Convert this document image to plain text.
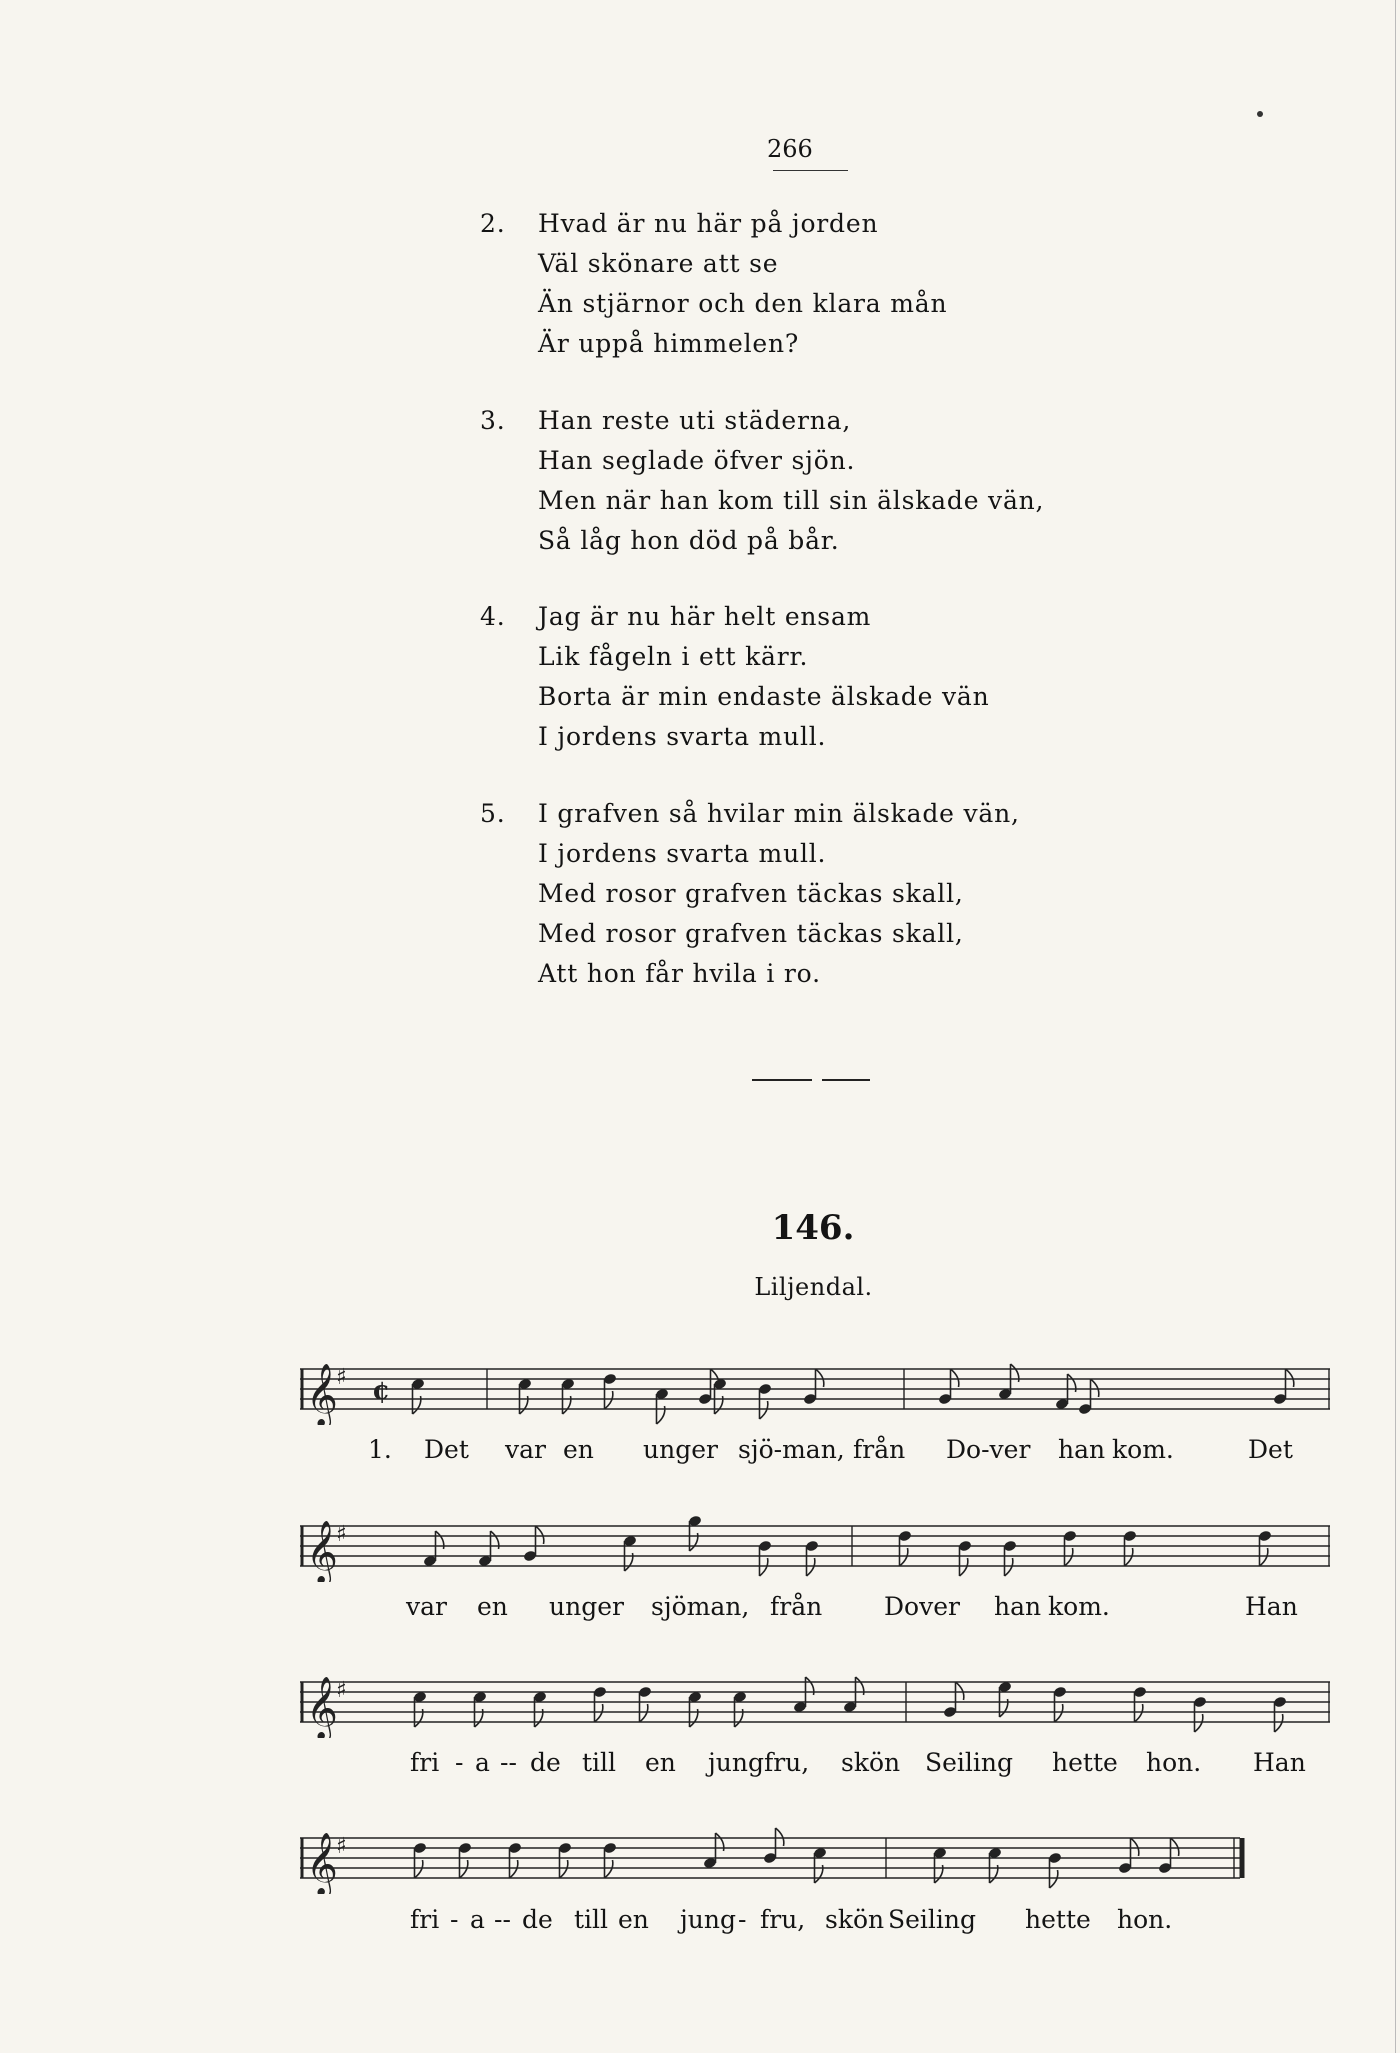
266
2. Hvad är nu här på jorden
Väl skönare att se
Än stjärnor och den klara mån
Är uppå himmelen?
3. Han reste uti städerna,
Han seglade öfver sjön.
Men när han kom till sin älskade vän,
Så låg hon död på bår.
4. Jag är nu här helt ensam
Lik fågeln i ett kärr.
Borta är min endaste älskade vän
I jordens svarta mull.
5. I grafven så hvilar min älskade vän,
I jordens svarta mull.
Med rosor grafven täckas skall,
Med rosor grafven täckas skall,
Att hon får hvila i ro.
146.
Liljendal.
𝄞
♯ ¢
1. Det var en unger sjö-man, från Do-ver han kom.	Det
𝄞
♯
var en unger sjöman, från Dover han kom.	Han
𝄞
♯
fri - a -- de till en jungfru, skön Seiling hette hon. Han
𝄞
♯
fri - a -- de till en jung - fru, skön Seiling hette hon.
